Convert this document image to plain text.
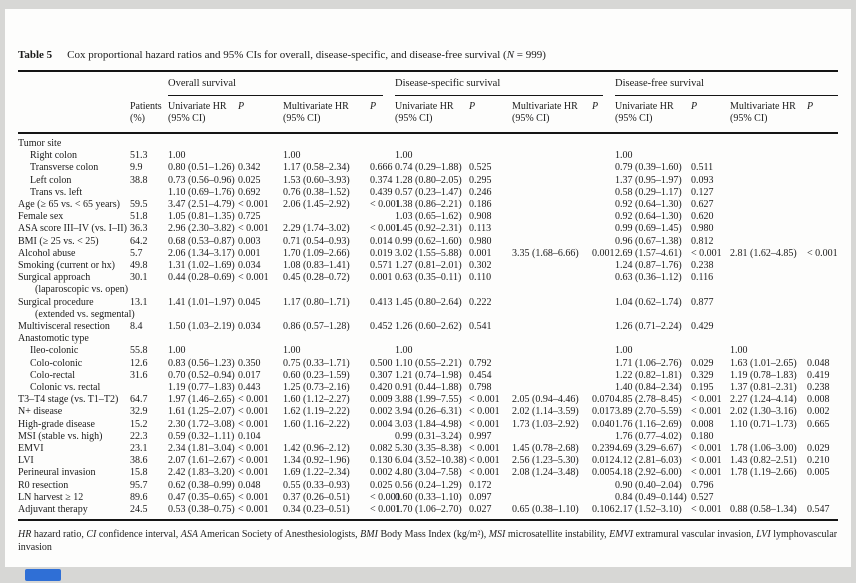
Table 5 Cox proportional hazard ratios and 95% CIs for overall, disease-specific, and disease-free survival (N = 999)

		Overall survival				Disease-specific survival				Disease-free survival			

Patients
(%)

Univariate HR
(95% CI)
	P	Multivariate HR
(95% CI)
	P	Univariate HR
(95% CI)
	P	Multivariate HR
(95% CI)
	P	Univariate HR
(95% CI)
	P	Multivariate HR
(95% CI)
	P
Tumor site													
Right colon	51.3	1.00		1.00		1.00				1.00			
Transverse colon	9.9	0.80 (0.51–1.26)	0.342	1.17 (0.58–2.34)	0.666	0.74 (0.29–1.88)	0.525			0.79 (0.39–1.60)	0.511		
Left colon	38.8	0.73 (0.56–0.96)	0.025	1.53 (0.60–3.93)	0.374	1.28 (0.80–2.05)	0.295			1.37 (0.95–1.97)	0.093		
Trans vs. left		1.10 (0.69–1.76)	0.692	0.76 (0.38–1.52)	0.439	0.57 (0.23–1.47)	0.246			0.58 (0.29–1.17)	0.127		
Age (≥ 65 vs. < 65 years)	59.5	3.47 (2.51–4.79)	< 0.001	2.06 (1.45–2.92)	< 0.001	1.38 (0.86–2.21)	0.186			0.92 (0.64–1.30)	0.627		
Female sex	51.8	1.05 (0.81–1.35)	0.725			1.03 (0.65–1.62)	0.908			0.92 (0.64–1.30)	0.620		
ASA score III–IV (vs. I–II)	36.3	2.96 (2.30–3.82)	< 0.001	2.29 (1.74–3.02)	< 0.001	1.45 (0.92–2.31)	0.113			0.99 (0.69–1.45)	0.980		
BMI (≥ 25 vs. < 25)	64.2	0.68 (0.53–0.87)	0.003	0.71 (0.54–0.93)	0.014	0.99 (0.62–1.60)	0.980			0.96 (0.67–1.38)	0.812		
Alcohol abuse	5.7	2.06 (1.34–3.17)	0.001	1.70 (1.09–2.66)	0.019	3.02 (1.55–5.88)	0.001	3.35 (1.68–6.66)	0.001	2.69 (1.57–4.61)	< 0.001	2.81 (1.62–4.85)	< 0.001
Smoking (current or hx)	49.8	1.31 (1.02–1.69)	0.034	1.08 (0.83–1.41)	0.571	1.27 (0.81–2.01)	0.302			1.24 (0.87–1.76)	0.238		
Surgical approach
(laparoscopic vs. open)	30.1	0.44 (0.28–0.69)	< 0.001	0.45 (0.28–0.72)	0.001	0.63 (0.35–0.11)	0.110			0.63 (0.36–1.12)	0.116		
Surgical procedure
(extended vs. segmental)	13.1	1.41 (1.01–1.97)	0.045	1.17 (0.80–1.71)	0.413	1.45 (0.80–2.64)	0.222			1.04 (0.62–1.74)	0.877		
Multivisceral resection	8.4	1.50 (1.03–2.19)	0.034	0.86 (0.57–1.28)	0.452	1.26 (0.60–2.62)	0.541			1.26 (0.71–2.24)	0.429		
Anastomotic type													
Ileo-colonic	55.8	1.00		1.00		1.00				1.00		1.00	
Colo-colonic	12.6	0.83 (0.56–1.23)	0.350	0.75 (0.33–1.71)	0.500	1.10 (0.55–2.21)	0.792			1.71 (1.06–2.76)	0.029	1.63 (1.01–2.65)	0.048
Colo-rectal	31.6	0.70 (0.52–0.94)	0.017	0.60 (0.23–1.59)	0.307	1.21 (0.74–1.98)	0.454			1.22 (0.82–1.81)	0.329	1.19 (0.78–1.83)	0.419
Colonic vs. rectal		1.19 (0.77–1.83)	0.443	1.25 (0.73–2.16)	0.420	0.91 (0.44–1.88)	0.798			1.40 (0.84–2.34)	0.195	1.37 (0.81–2.31)	0.238
T3–T4 stage (vs. T1–T2)	64.7	1.97 (1.46–2.65)	< 0.001	1.60 (1.12–2.27)	0.009	3.88 (1.99–7.55)	< 0.001	2.05 (0.94–4.46)	0.070	4.85 (2.78–8.45)	< 0.001	2.27 (1.24–4.14)	0.008
N+ disease	32.9	1.61 (1.25–2.07)	< 0.001	1.62 (1.19–2.22)	0.002	3.94 (0.26–6.31)	< 0.001	2.02 (1.14–3.59)	0.017	3.89 (2.70–5.59)	< 0.001	2.02 (1.30–3.16)	0.002
High-grade disease	15.2	2.30 (1.72–3.08)	< 0.001	1.60 (1.16–2.22)	0.004	3.03 (1.84–4.98)	< 0.001	1.73 (1.03–2.92)	0.040	1.76 (1.16–2.69)	0.008	1.10 (0.71–1.73)	0.665
MSI (stable vs. high)	22.3	0.59 (0.32–1.11)	0.104			0.99 (0.31–3.24)	0.997			1.76 (0.77–4.02)	0.180		
EMVI	23.1	2.34 (1.81–3.04)	< 0.001	1.42 (0.96–2.12)	0.082	5.30 (3.35–8.38)	< 0.001	1.45 (0.78–2.68)	0.239	4.69 (3.29–6.67)	< 0.001	1.78 (1.06–3.00)	0.029
LVI	38.6	2.07 (1.61–2.67)	< 0.001	1.34 (0.92–1.96)	0.130	6.04 (3.52–10.38)	< 0.001	2.56 (1.23–5.30)	0.012	4.12 (2.81–6.03)	< 0.001	1.43 (0.82–2.51)	0.210
Perineural invasion	15.8	2.42 (1.83–3.20)	< 0.001	1.69 (1.22–2.34)	0.002	4.80 (3.04–7.58)	< 0.001	2.08 (1.24–3.48)	0.005	4.18 (2.92–6.00)	< 0.001	1.78 (1.19–2.66)	0.005
R0 resection	95.7	0.62 (0.38–0.99)	0.048	0.55 (0.33–0.93)	0.025	0.56 (0.24–1.29)	0.172			0.90 (0.40–2.04)	0.796		
LN harvest ≥ 12	89.6	0.47 (0.35–0.65)	< 0.001	0.37 (0.26–0.51)	< 0.001	0.60 (0.33–1.10)	0.097			0.84 (0.49–0.144)	0.527		
Adjuvant therapy	24.5	0.53 (0.38–0.75)	< 0.001	0.34 (0.23–0.51)	< 0.001	1.70 (1.06–2.70)	0.027	0.65 (0.38–1.10)	0.106	2.17 (1.52–3.10)	< 0.001	0.88 (0.58–1.34)	0.547
HR hazard ratio, CI confidence interval, ASA American Society of Anesthesiologists, BMI Body Mass Index (kg/m²), MSI microsatellite instability, EMVI extramural vascular invasion, LVI lymphovascular invasion
